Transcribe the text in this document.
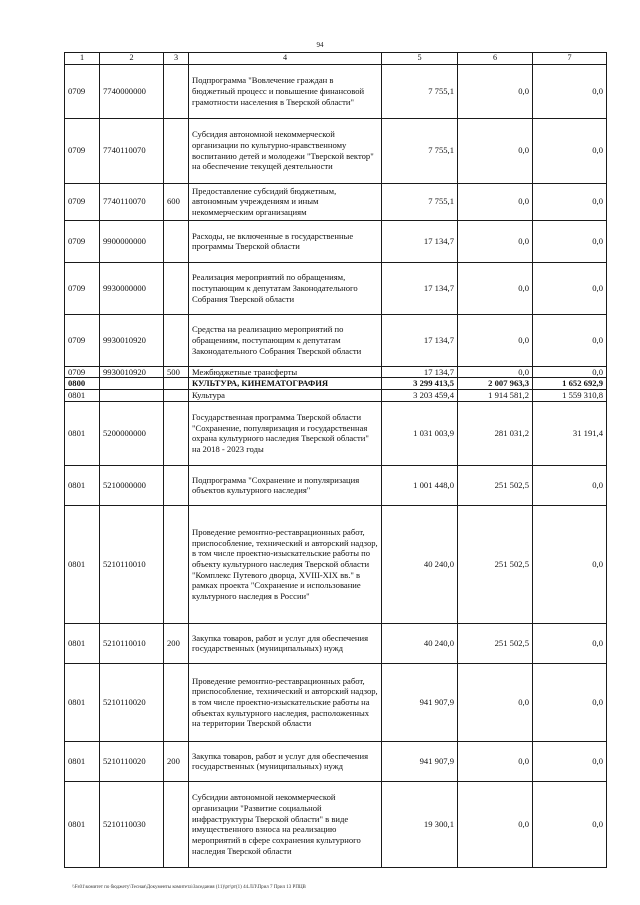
94
1	2	3	4	5	6	7
0709	7740000000		Подпрограмма "Вовлечение граждан в бюджетный процесс и повышение финансовой грамотности населения в Тверской области"	7 755,1	0,0	0,0
0709	7740110070		Субсидия автономной некоммерческой организации по культурно-нравственному воспитанию детей и молодежи "Тверской вектор" на обеспечение текущей деятельности	7 755,1	0,0	0,0
0709	7740110070	600	Предоставление субсидий бюджетным, автономным учреждениям и иным некоммерческим организациям	7 755,1	0,0	0,0
0709	9900000000		Расходы, не включенные в государственные программы Тверской области	17 134,7	0,0	0,0
0709	9930000000		Реализация мероприятий по обращениям, поступающим к депутатам Законодательного Собрания Тверской области	17 134,7	0,0	0,0
0709	9930010920		Средства на реализацию мероприятий по обращениям, поступающим к депутатам Законодательного Собрания Тверской области	17 134,7	0,0	0,0
0709	9930010920	500	Межбюджетные трансферты	17 134,7	0,0	0,0
0800			КУЛЬТУРА, КИНЕМАТОГРАФИЯ	3 299 413,5	2 007 963,3	1 652 692,9
0801			Культура	3 203 459,4	1 914 581,2	1 559 310,8
0801	5200000000		Государственная программа Тверской области "Сохранение, популяризация и государственная охрана культурного наследия Тверской области" на 2018 - 2023 годы	1 031 003,9	281 031,2	31 191,4
0801	5210000000		Подпрограмма "Сохранение и популяризация объектов культурного наследия"	1 001 448,0	251 502,5	0,0
0801	5210110010		Проведение ремонтно-реставрационных работ, приспособление, технический и авторский надзор, в том числе проектно-изыскательские работы по объекту культурного наследия Тверской области "Комплекс Путевого дворца, XVIII-XIX вв." в рамках проекта "Сохранение и использование культурного наследия в России"	40 240,0	251 502,5	0,0
0801	5210110010	200	Закупка товаров, работ и услуг для обеспечения государственных (муниципальных) нужд	40 240,0	251 502,5	0,0
0801	5210110020		Проведение ремонтно-реставрационных работ, приспособление, технический и авторский надзор, в том числе проектно-изыскательские работы на объектах культурного наследия, расположенных на территории Тверской области	941 907,9	0,0	0,0
0801	5210110020	200	Закупка товаров, работ и услуг для обеспечения государственных (муниципальных) нужд	941 907,9	0,0	0,0
0801	5210110030		Субсидии автономной некоммерческой организации "Развитие социальной инфраструктуры Тверской области" в виде имущественного взноса на реализацию мероприятий в сфере сохранения культурного наследия Тверской области	19 300,1	0,0	0,0
\\Fs01\комитет по бюджету\Тесная\Документы комитета\Заседания (11)\рт\рт(1) 44.ЛЛ\Прил 7 Прил 13 РПЦВ
